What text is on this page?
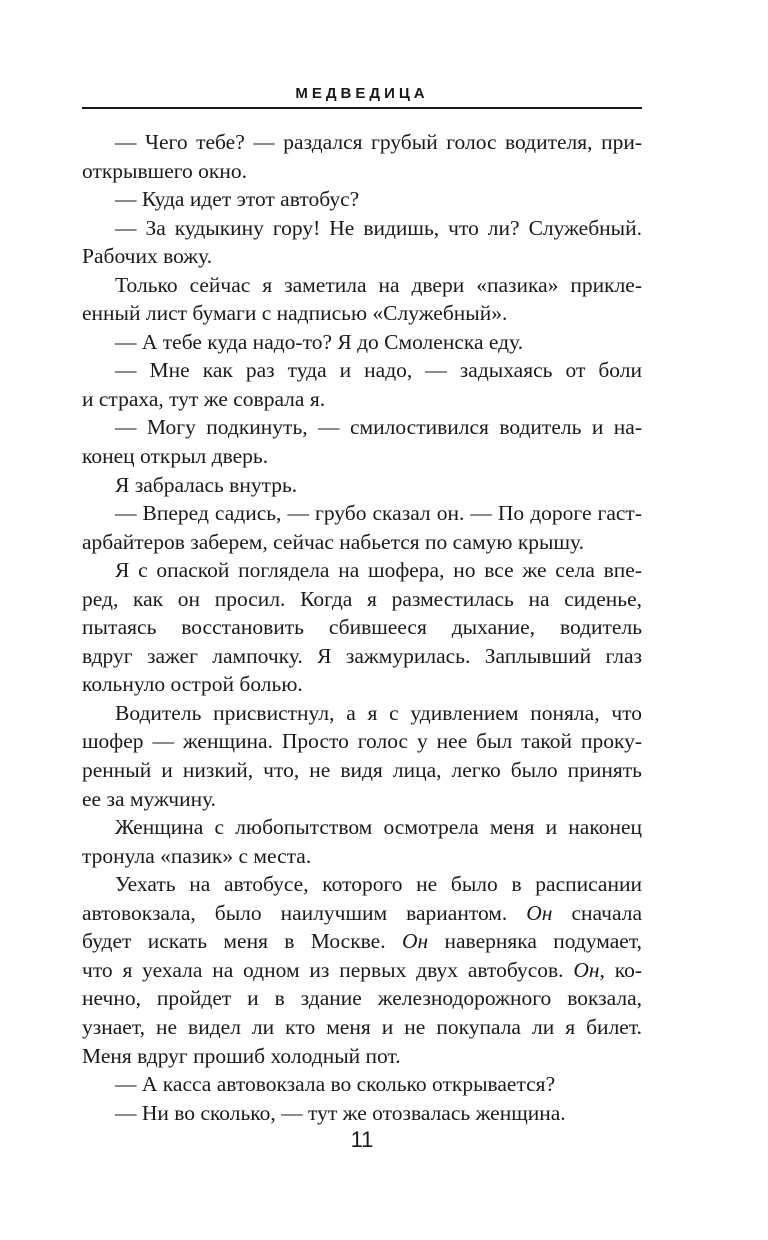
МЕДВЕДИЦА
— Чего тебе? — раздался грубый голос водителя, при-
открывшего окно.
— Куда идет этот автобус?
— За кудыкину гору! Не видишь, что ли? Служебный.
Рабочих вожу.
Только сейчас я заметила на двери «пазика» прикле-
енный лист бумаги с надписью «Служебный».
— А тебе куда надо-то? Я до Смоленска еду.
— Мне как раз туда и надо, — задыхаясь от боли
и страха, тут же соврала я.
— Могу подкинуть, — смилостивился водитель и на-
конец открыл дверь.
Я забралась внутрь.
— Вперед садись, — грубо сказал он. — По дороге гаст-
арбайтеров заберем, сейчас набьется по самую крышу.
Я с опаской поглядела на шофера, но все же села впе-
ред, как он просил. Когда я разместилась на сиденье,
пытаясь восстановить сбившееся дыхание, водитель
вдруг зажег лампочку. Я зажмурилась. Заплывший глаз
кольнуло острой болью.
Водитель присвистнул, а я с удивлением поняла, что
шофер — женщина. Просто голос у нее был такой проку-
ренный и низкий, что, не видя лица, легко было принять
ее за мужчину.
Женщина с любопытством осмотрела меня и наконец
тронула «пазик» с места.
Уехать на автобусе, которого не было в расписании
автовокзала, было наилучшим вариантом. Он сначала
будет искать меня в Москве. Он наверняка подумает,
что я уехала на одном из первых двух автобусов. Он, ко-
нечно, пройдет и в здание железнодорожного вокзала,
узнает, не видел ли кто меня и не покупала ли я билет.
Меня вдруг прошиб холодный пот.
— А касса автовокзала во сколько открывается?
— Ни во сколько, — тут же отозвалась женщина.
11
